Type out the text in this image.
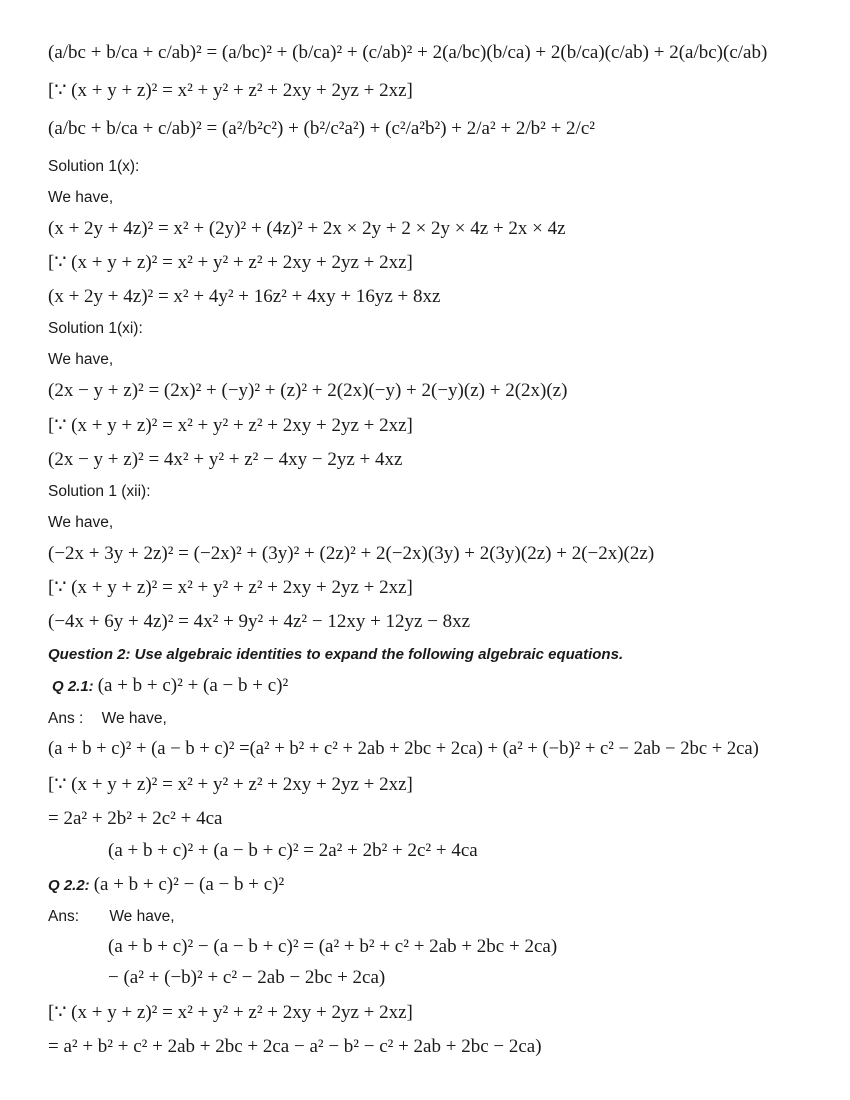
(a/bc + b/ca + c/ab)² = (a/bc)² + (b/ca)² + (c/ab)² + 2(a/bc)(b/ca) + 2(b/ca)(c/ab) + 2(a/bc)(c/ab)
[∵ (x + y + z)² = x² + y² + z² + 2xy + 2yz + 2xz]
(a/bc + b/ca + c/ab)² = (a²/b²c²) + (b²/c²a²) + (c²/a²b²) + 2/a² + 2/b² + 2/c²
Solution 1(x):
We have,
(x + 2y + 4z)² = x² + (2y)² + (4z)² + 2x × 2y + 2 × 2y × 4z + 2x × 4z
[∵ (x + y + z)² = x² + y² + z² + 2xy + 2yz + 2xz]
(x + 2y + 4z)² = x² + 4y² + 16z² + 4xy + 16yz + 8xz
Solution 1(xi):
We have,
(2x − y + z)² = (2x)² + (−y)² + (z)² + 2(2x)(−y) + 2(−y)(z) + 2(2x)(z)
[∵ (x + y + z)² = x² + y² + z² + 2xy + 2yz + 2xz]
(2x − y + z)² = 4x² + y² + z² − 4xy − 2yz + 4xz
Solution 1 (xii):
We have,
(−2x + 3y + 2z)² = (−2x)² + (3y)² + (2z)² + 2(−2x)(3y) + 2(3y)(2z) + 2(−2x)(2z)
[∵ (x + y + z)² = x² + y² + z² + 2xy + 2yz + 2xz]
(−4x + 6y + 4z)² = 4x² + 9y² + 4z² − 12xy + 12yz − 8xz
Question 2: Use algebraic identities to expand the following algebraic equations.
Q 2.1: (a + b + c)² + (a − b + c)²
Ans : We have,
(a + b + c)² + (a − b + c)² =(a² + b² + c² + 2ab + 2bc + 2ca) + (a² + (−b)² + c² − 2ab − 2bc + 2ca)
[∵ (x + y + z)² = x² + y² + z² + 2xy + 2yz + 2xz]
= 2a² + 2b² + 2c² + 4ca
(a + b + c)² + (a − b + c)² = 2a² + 2b² + 2c² + 4ca
Q 2.2: (a + b + c)² − (a − b + c)²
Ans: We have,
(a + b + c)² − (a − b + c)² = (a² + b² + c² + 2ab + 2bc + 2ca)
− (a² + (−b)² + c² − 2ab − 2bc + 2ca)
[∵ (x + y + z)² = x² + y² + z² + 2xy + 2yz + 2xz]
= a² + b² + c² + 2ab + 2bc + 2ca − a² − b² − c² + 2ab + 2bc − 2ca)
